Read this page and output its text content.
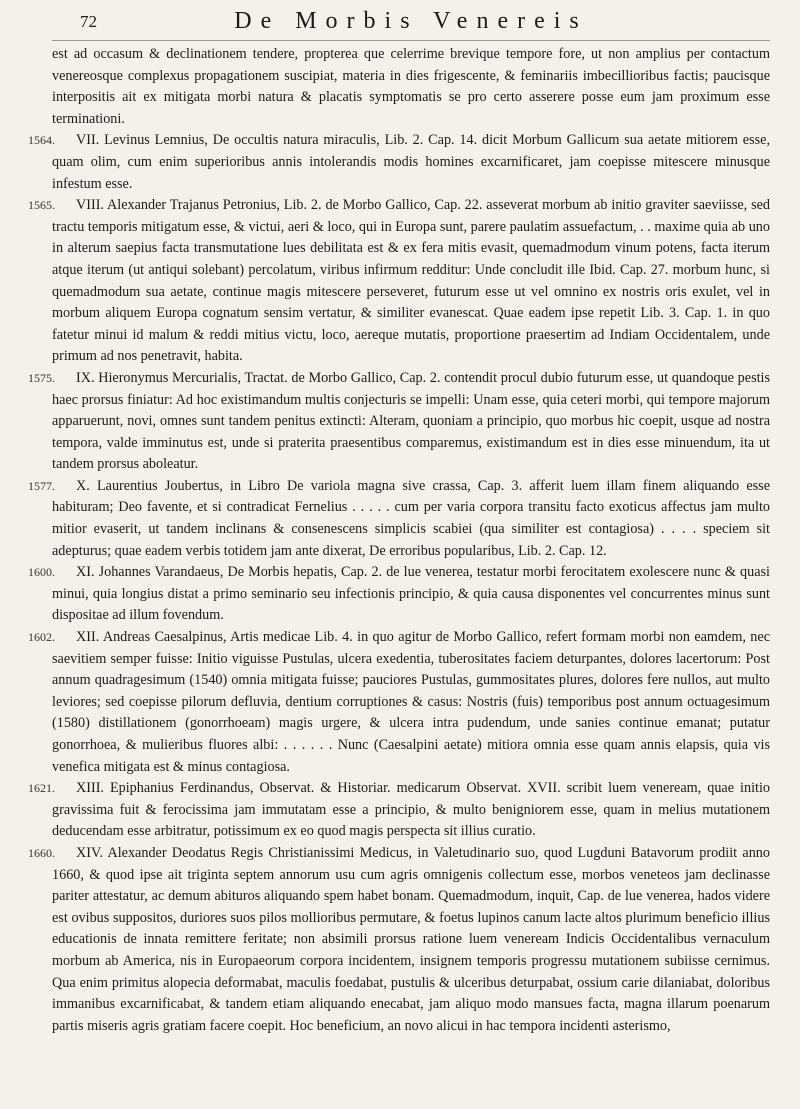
72	De Morbis Venereis

est ad occasum & declinationem tendere, propterea que celerrime brevique tempore fore, ut non amplius per contactum venereosque complexus propagationem suscipiat, materia in dies frigescente, & feminariis imbecillioribus factis; paucisque interpositis ait ex mitigata morbi natura & placatis symptomatis se pro certo asserere posse eum jam proximum esse terminationi.

1564. VII. Levinus Lemnius, De occultis natura miraculis, Lib. 2. Cap. 14. dicit Morbum Gallicum sua aetate mitiorem esse, quam olim, cum enim superioribus annis intolerandis modis homines excarnificaret, jam coepisse mitescere minusque infestum esse.

1565. VIII. Alexander Trajanus Petronius, Lib. 2. de Morbo Gallico, Cap. 22. asseverat morbum ab initio graviter saeviisse, sed tractu temporis mitigatum esse, & victui, aeri & loco, qui in Europa sunt, parere paulatim assuefactum, . . maxime quia ab uno in alterum saepius facta transmutatione lues debilitata est & ex fera mitis evasit, quemadmodum vinum potens, facta iterum atque iterum (ut antiqui solebant) percolatum, viribus infirmum redditur: Unde concludit ille Ibid. Cap. 27. morbum hunc, si quemadmodum sua aetate, continue magis mitescere perseveret, futurum esse ut vel omnino ex nostris oris exulet, vel in morbum aliquem Europa cognatum sensim vertatur, & similiter evanescat. Quae eadem ipse repetit Lib. 3. Cap. 1. in quo fatetur minui id malum & reddi mitius victu, loco, aereque mutatis, proportione praesertim ad Indiam Occidentalem, unde primum ad nos penetravit, habita.

1575. IX. Hieronymus Mercurialis, Tractat. de Morbo Gallico, Cap. 2. contendit procul dubio futurum esse, ut quandoque pestis haec prorsus finiatur: Ad hoc existimandum multis conjecturis se impelli: Unam esse, quia ceteri morbi, qui tempore majorum apparuerunt, novi, omnes sunt tandem penitus extincti: Alteram, quoniam a principio, quo morbus hic coepit, usque ad nostra tempora, valde imminutus est, unde si praterita praesentibus comparemus, existimandum est in dies esse minuendum, ita ut tandem prorsus aboleatur.

1577. X. Laurentius Joubertus, in Libro De variola magna sive crassa, Cap. 3. afferit luem illam finem aliquando esse habituram; Deo favente, et si contradicat Fernelius . . . . . cum per varia corpora transitu facto exoticus affectus jam multo mitior evaserit, ut tandem inclinans & consenescens simplicis scabiei (qua similiter est contagiosa) . . . . speciem sit adepturus; quae eadem verbis totidem jam ante dixerat, De erroribus popularibus, Lib. 2. Cap. 12.

1600. XI. Johannes Varandaeus, De Morbis hepatis, Cap. 2. de lue venerea, testatur morbi ferocitatem exolescere nunc & quasi minui, quia longius distat a primo seminario seu infectionis principio, & quia causa disponentes vel concurrentes minus sunt dispositae ad illum fovendum.

1602. XII. Andreas Caesalpinus, Artis medicae Lib. 4. in quo agitur de Morbo Gallico, refert formam morbi non eamdem, nec saevitiem semper fuisse: Initio viguisse Pustulas, ulcera exedentia, tuberositates faciem deturpantes, dolores lacertorum: Post annum quadragesimum (1540) omnia mitigata fuisse; pauciores Pustulas, gummositates plures, dolores fere nullos, aut multo leviores; sed coepisse pilorum defluvia, dentium corruptiones & casus: Nostris (fuis) temporibus post annum octuagesimum (1580) distillationem (gonorrhoeam) magis urgere, & ulcera intra pudendum, unde sanies continue emanat; putatur gonorrhoea, & mulieribus fluores albi: . . . . . . Nunc (Caesalpini aetate) mitiora omnia esse quam annis elapsis, quia vis venefica mitigata est & minus contagiosa.

1621. XIII. Epiphanius Ferdinandus, Observat. & Historiar. medicarum Observat. XVII. scribit luem veneream, quae initio gravissima fuit & ferocissima jam immutatam esse a principio, & multo benigniorem esse, quam in melius mutationem deducendam esse arbitratur, potissimum ex eo quod magis perspecta sit illius curatio.

1660. XIV. Alexander Deodatus Regis Christianissimi Medicus, in Valetudinario suo, quod Lugduni Batavorum prodiit anno 1660, & quod ipse ait triginta septem annorum usu cum agris omnigenis collectum esse, morbos veneteos jam declinasse pariter attestatur, ac demum abituros aliquando spem habet bonam. Quemadmodum, inquit, Cap. de lue venerea, hados videre est ovibus suppositos, duriores suos pilos mollioribus permutare, & foetus lupinos canum lacte altos plurimum beneficio illius educationis de innata remittere feritate; non absimili prorsus ratione luem veneream Indicis Occidentalibus vernaculum morbum ab America, nis in Europaeorum corpora incidentem, insignem temporis progressu mutationem subiisse cernimus. Qua enim primitus alopecia deformabat, maculis foedabat, pustulis & ulceribus deturpabat, ossium carie dilaniabat, doloribus immanibus excarnificabat, & tandem etiam aliquando enecabat, jam aliquo modo mansues facta, magna illarum poenarum partis miseris agris gratiam facere coepit. Hoc beneficium, an novo alicui in hac tempora incidenti asterismo,
